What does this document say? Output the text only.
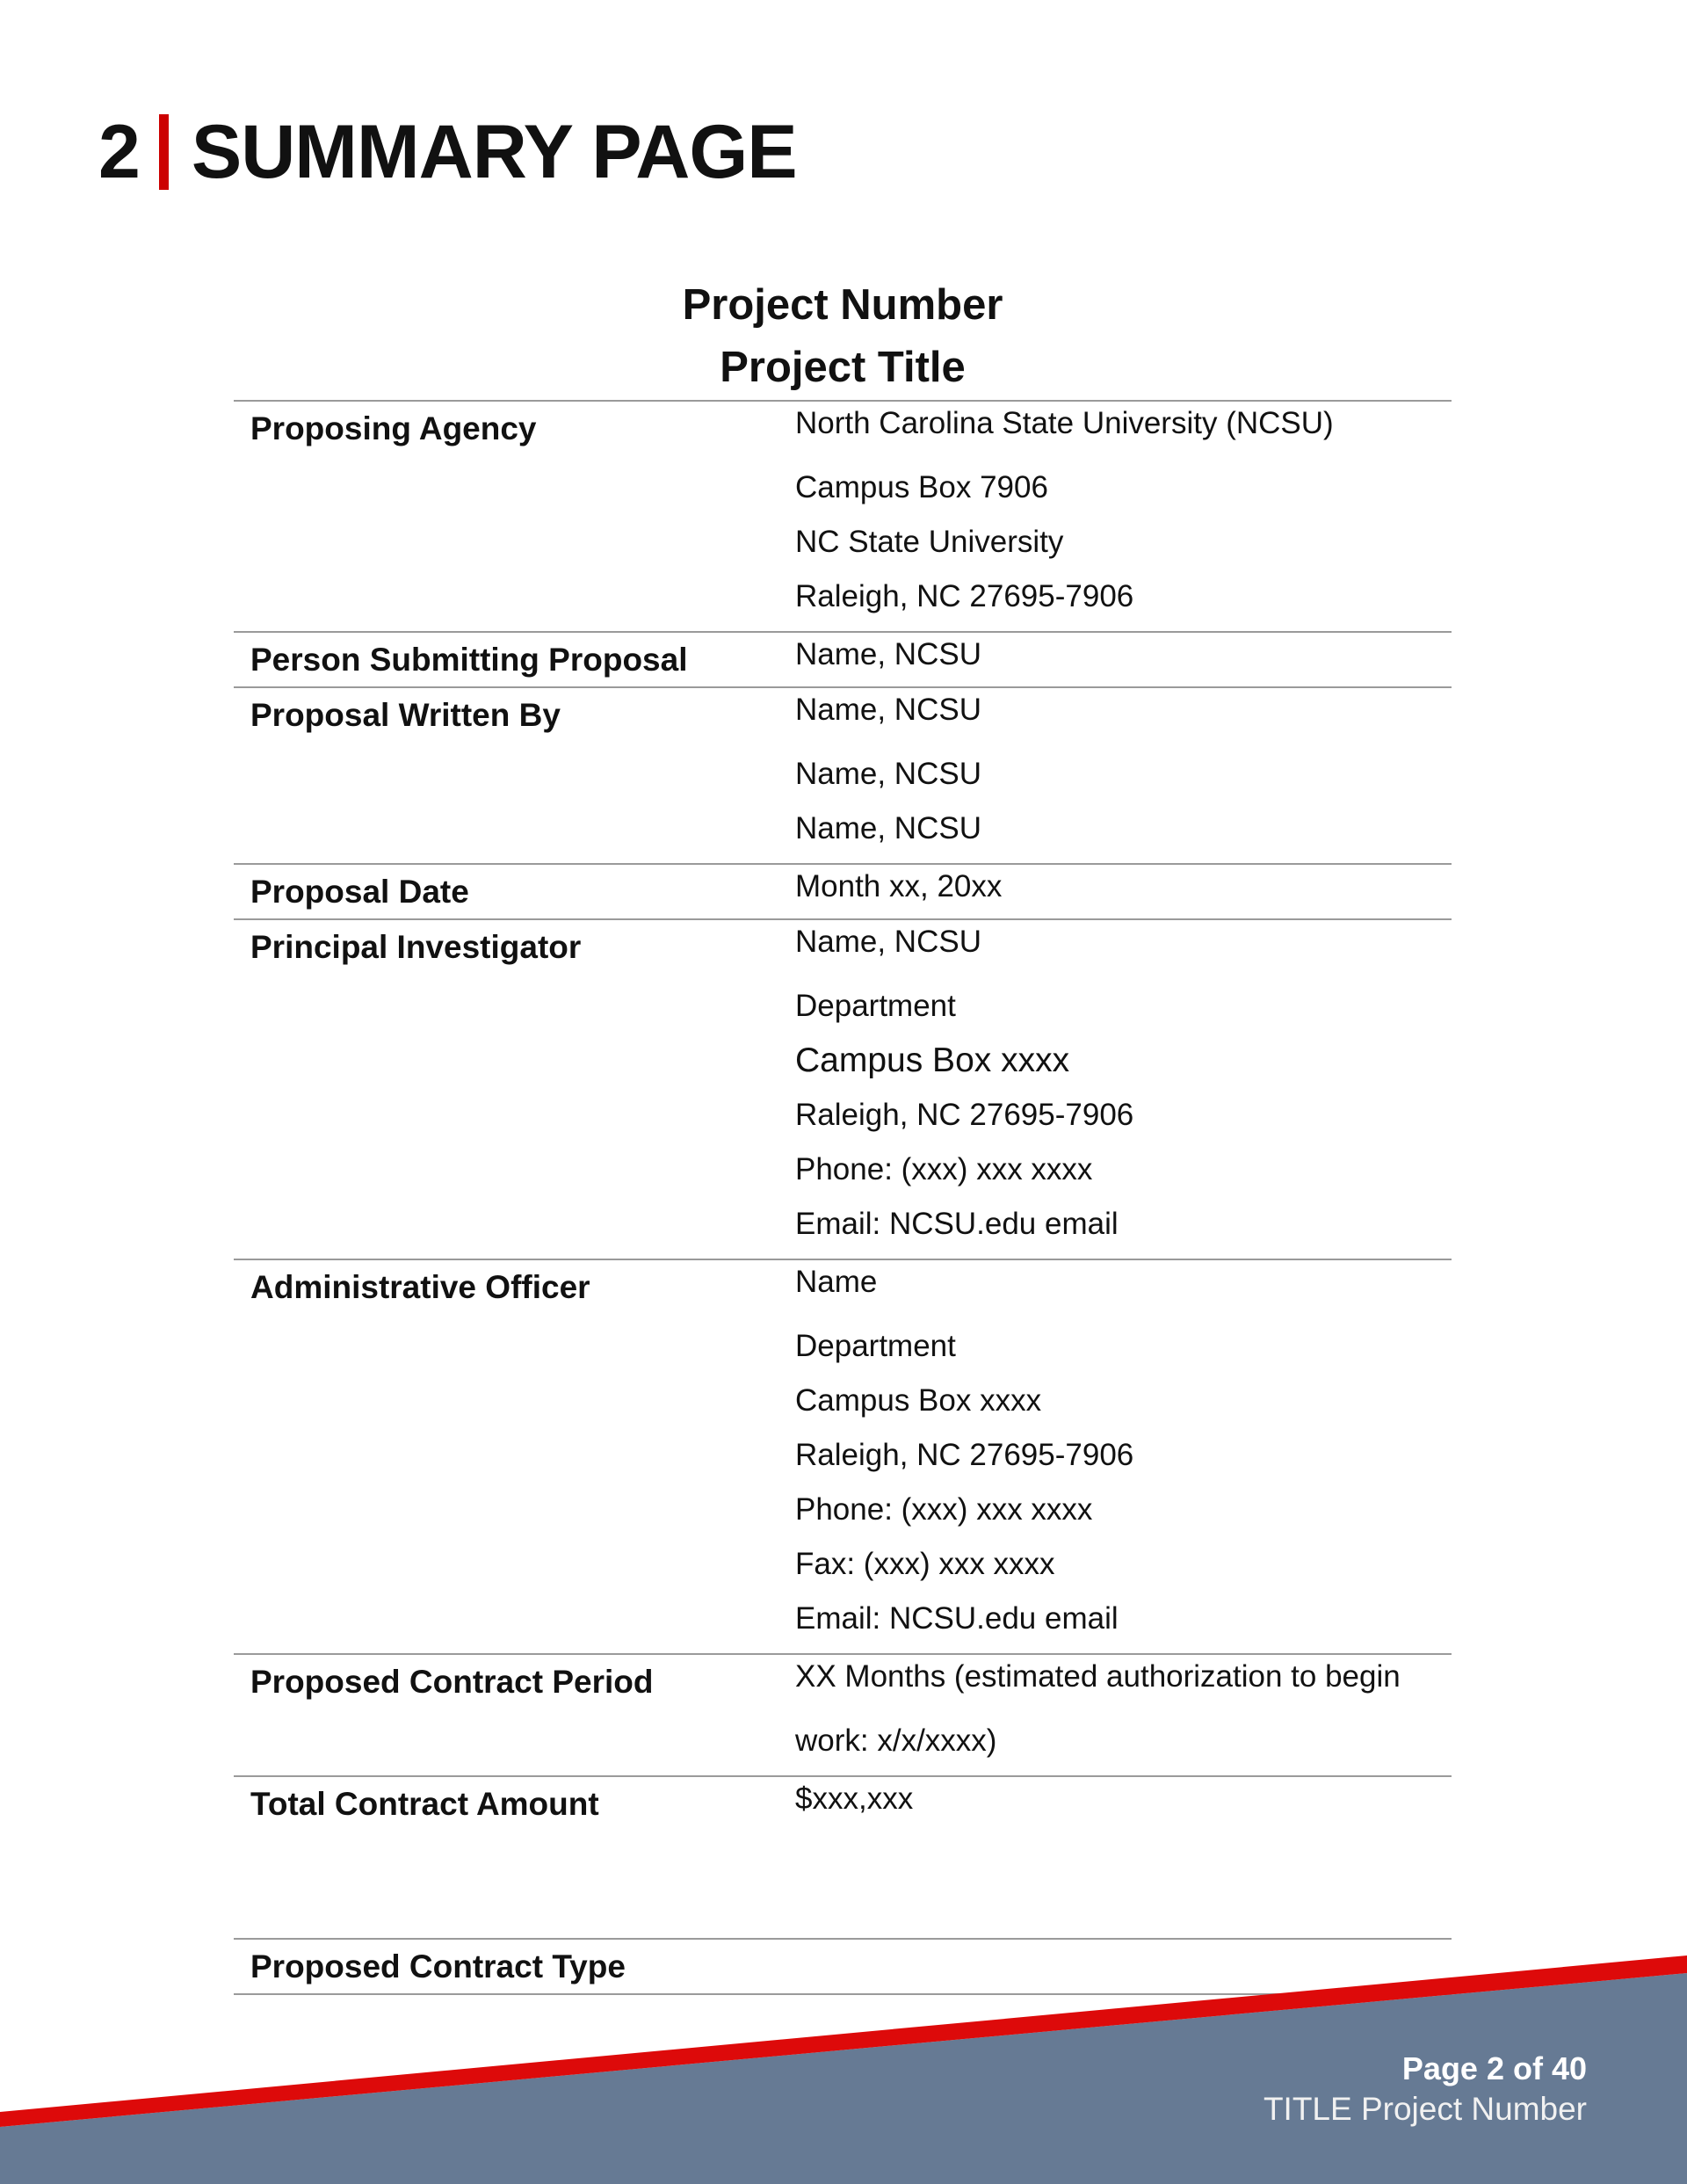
2 SUMMARY PAGE
Project Number
Project Title
Proposing Agency	North Carolina State University (NCSU)
Campus Box 7906
NC State University
Raleigh, NC 27695-7906
Person Submitting Proposal	Name, NCSU
Proposal Written By	Name, NCSU
Name, NCSU
Name, NCSU
Proposal Date	Month xx, 20xx
Principal Investigator	Name, NCSU
Department
Campus Box xxxx
Raleigh, NC 27695-7906
Phone: (xxx) xxx xxxx
Email: NCSU.edu email
Administrative Officer	Name
Department
Campus Box xxxx
Raleigh, NC 27695-7906
Phone: (xxx) xxx xxxx
Fax: (xxx) xxx xxxx
Email: NCSU.edu email
Proposed Contract Period	XX Months (estimated authorization to begin
work: x/x/xxxx)
Total Contract Amount	$xxx,xxx
Proposed Contract Type
Page 2 of 40
TITLE Project Number
